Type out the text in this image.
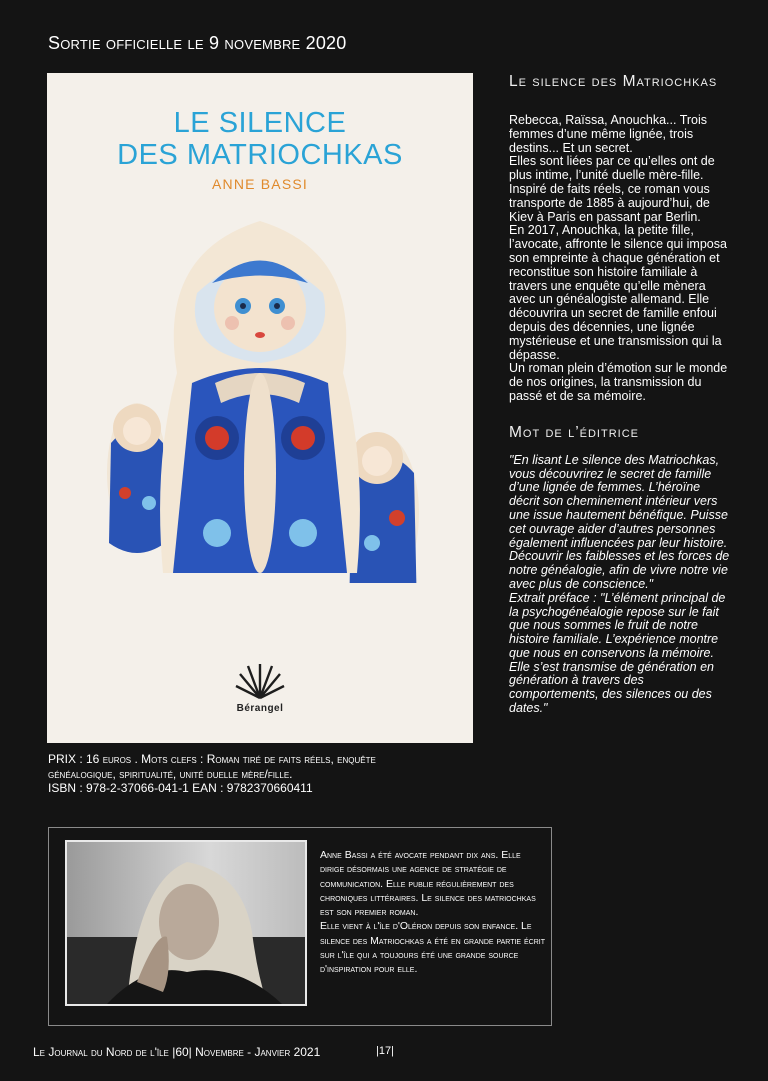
Sortie officielle le 9 novembre 2020
LE SILENCE
DES MATRIOCHKAS
ANNE BASSI
Bérangel
PRIX : 16 euros . Mots clefs : Roman tiré de faits réels, enquête
généalogique, spiritualité, unité duelle mère/fille.
ISBN : 978-2-37066-041-1 EAN : 9782370660411
Le silence des Matriochkas

Rebecca, Raïssa, Anouchka... Trois femmes d’une même lignée, trois destins... Et un secret.

Elles sont liées par ce qu’elles ont de plus intime, l’unité duelle mère-fille. Inspiré de faits réels, ce roman vous transporte de 1885 à aujourd’hui, de Kiev à Paris en passant par Berlin.

En 2017, Anouchka, la petite fille, l’avocate, affronte le silence qui imposa son empreinte à chaque génération et reconstitue son histoire familiale à travers une enquête qu’elle mènera avec un généalogiste allemand. Elle découvrira un secret de famille enfoui depuis des décennies, une lignée mystérieuse et une transmission qui la dépasse.

Un roman plein d’émotion sur le monde de nos origines, la transmission du passé et de sa mémoire.

Mot de l’éditrice

"En lisant Le silence des Matriochkas, vous découvrirez le secret de famille d’une lignée de femmes. L’héroïne décrit son cheminement intérieur vers une issue hautement bénéfique. Puisse cet ouvrage aider d’autres personnes également influencées par leur histoire. Découvrir les faiblesses et les forces de notre généalogie, afin de vivre notre vie avec plus de conscience."

Extrait préface : "L’élément principal de la psychogénéalogie repose sur le fait que nous sommes le fruit de notre histoire familiale. L’expérience montre que nous en conservons la mémoire. Elle s’est transmise de génération en génération à travers des comportements, des silences ou des dates."

Anne Bassi a été avocate pendant dix ans. Elle dirige désormais une agence de stratégie de communication. Elle publie régulièrement des chroniques littéraires. Le silence des matriochkas est son premier roman.

Elle vient à l'île d'Oléron depuis son enfance. Le silence des Matriochkas a été en grande partie écrit sur l'île qui a toujours été une grande source d'inspiration pour elle.

Le Journal du Nord de l'île |60| Novembre - Janvier 2021	|17|
